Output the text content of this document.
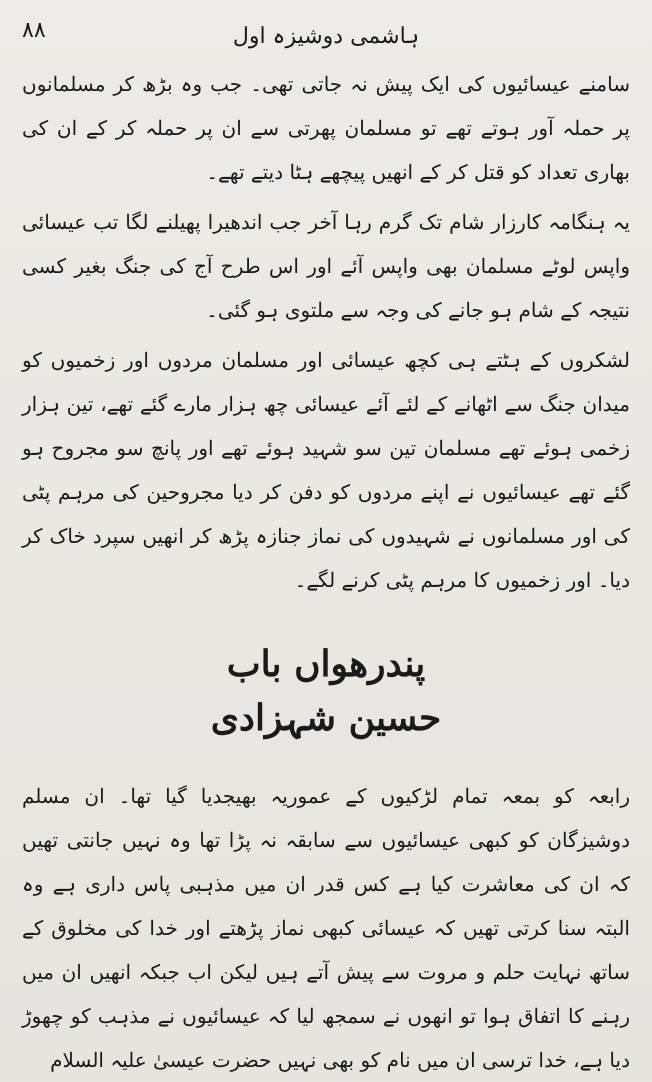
۸۸	ہاشمی دوشیزہ اول

سامنے عیسائیوں کی ایک پیش نہ جاتی تھی۔ جب وہ بڑھ کر مسلمانوں پر حملہ آور ہوتے تھے تو مسلمان پھرتی سے ان پر حملہ کر کے ان کی بھاری تعداد کو قتل کر کے انھیں پیچھے ہٹا دیتے تھے۔

یہ ہنگامہ کارزار شام تک گرم رہا آخر جب اندھیرا پھیلنے لگا تب عیسائی واپس لوٹے مسلمان بھی واپس آئے اور اس طرح آج کی جنگ بغیر کسی نتیجہ کے شام ہو جانے کی وجہ سے ملتوی ہو گئی۔

لشکروں کے ہٹتے ہی کچھ عیسائی اور مسلمان مردوں اور زخمیوں کو میدان جنگ سے اٹھانے کے لئے آئے عیسائی چھ ہزار مارے گئے تھے، تین ہزار زخمی ہوئے تھے مسلمان تین سو شہید ہوئے تھے اور پانچ سو مجروح ہو گئے تھے عیسائیوں نے اپنے مردوں کو دفن کر دیا مجروحین کی مرہم پٹی کی اور مسلمانوں نے شہیدوں کی نماز جنازہ پڑھ کر انھیں سپرد خاک کر دیا۔ اور زخمیوں کا مرہم پٹی کرنے لگے۔

پندرھواں باب
حسین شہزادی

رابعہ کو بمعہ تمام لڑکیوں کے عموریہ بھیجدیا گیا تھا۔ ان مسلم دوشیزگان کو کبھی عیسائیوں سے سابقہ نہ پڑا تھا وہ نہیں جانتی تھیں کہ ان کی معاشرت کیا ہے کس قدر ان میں مذہبی پاس داری ہے وہ البتہ سنا کرتی تھیں کہ عیسائی کبھی نماز پڑھتے اور خدا کی مخلوق کے ساتھ نہایت حلم و مروت سے پیش آتے ہیں لیکن اب جبکہ انھیں ان میں رہنے کا اتفاق ہوا تو انھوں نے سمجھ لیا کہ عیسائیوں نے مذہب کو چھوڑ دیا ہے، خدا ترسی ان میں نام کو بھی نہیں حضرت عیسیٰ علیہ السلام
